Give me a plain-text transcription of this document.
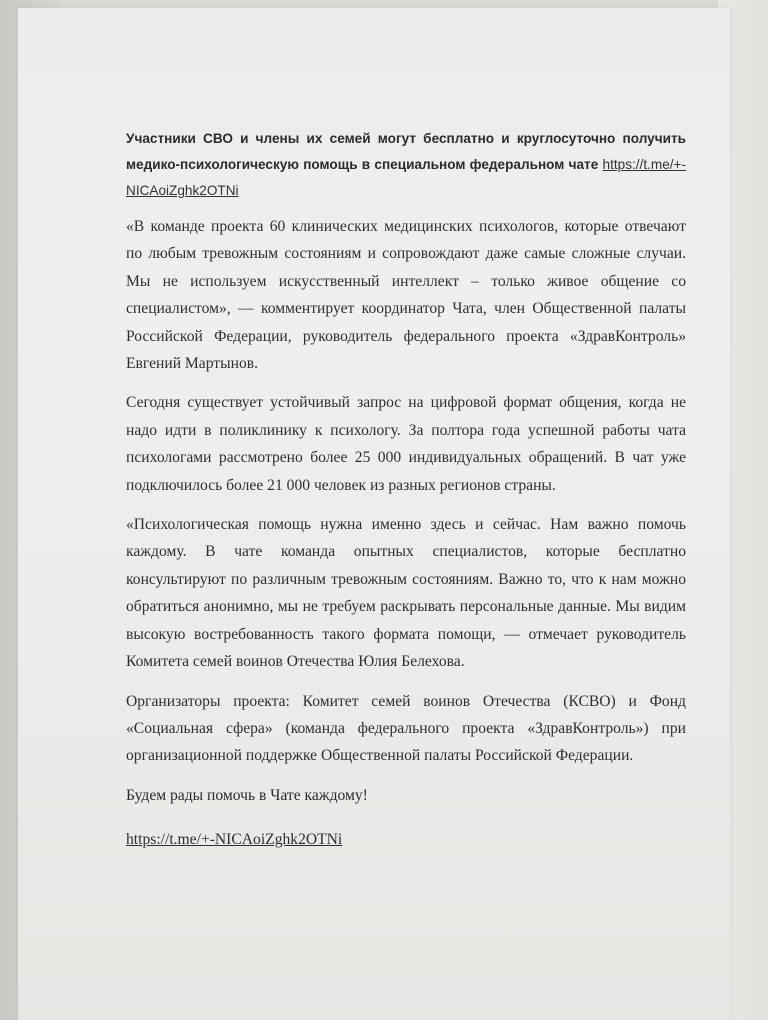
Участники СВО и члены их семей могут бесплатно и круглосуточно получить медико-психологическую помощь в специальном федеральном чате https://t.me/+-NICAoiZghk2OTNi

«В команде проекта 60 клинических медицинских психологов, которые отвечают по любым тревожным состояниям и сопровождают даже самые сложные случаи. Мы не используем искусственный интеллект – только живое общение со специалистом», — комментирует координатор Чата, член Общественной палаты Российской Федерации, руководитель федерального проекта «ЗдравКонтроль» Евгений Мартынов.

Сегодня существует устойчивый запрос на цифровой формат общения, когда не надо идти в поликлинику к психологу. За полтора года успешной работы чата психологами рассмотрено более 25 000 индивидуальных обращений. В чат уже подключилось более 21 000 человек из разных регионов страны.

«Психологическая помощь нужна именно здесь и сейчас. Нам важно помочь каждому. В чате команда опытных специалистов, которые бесплатно консультируют по различным тревожным состояниям. Важно то, что к нам можно обратиться анонимно, мы не требуем раскрывать персональные данные. Мы видим высокую востребованность такого формата помощи, — отмечает руководитель Комитета семей воинов Отечества Юлия Белехова.

Организаторы проекта: Комитет семей воинов Отечества (КСВО) и Фонд «Социальная сфера» (команда федерального проекта «ЗдравКонтроль») при организационной поддержке Общественной палаты Российской Федерации.

Будем рады помочь в Чате каждому!

https://t.me/+-NICAoiZghk2OTNi
